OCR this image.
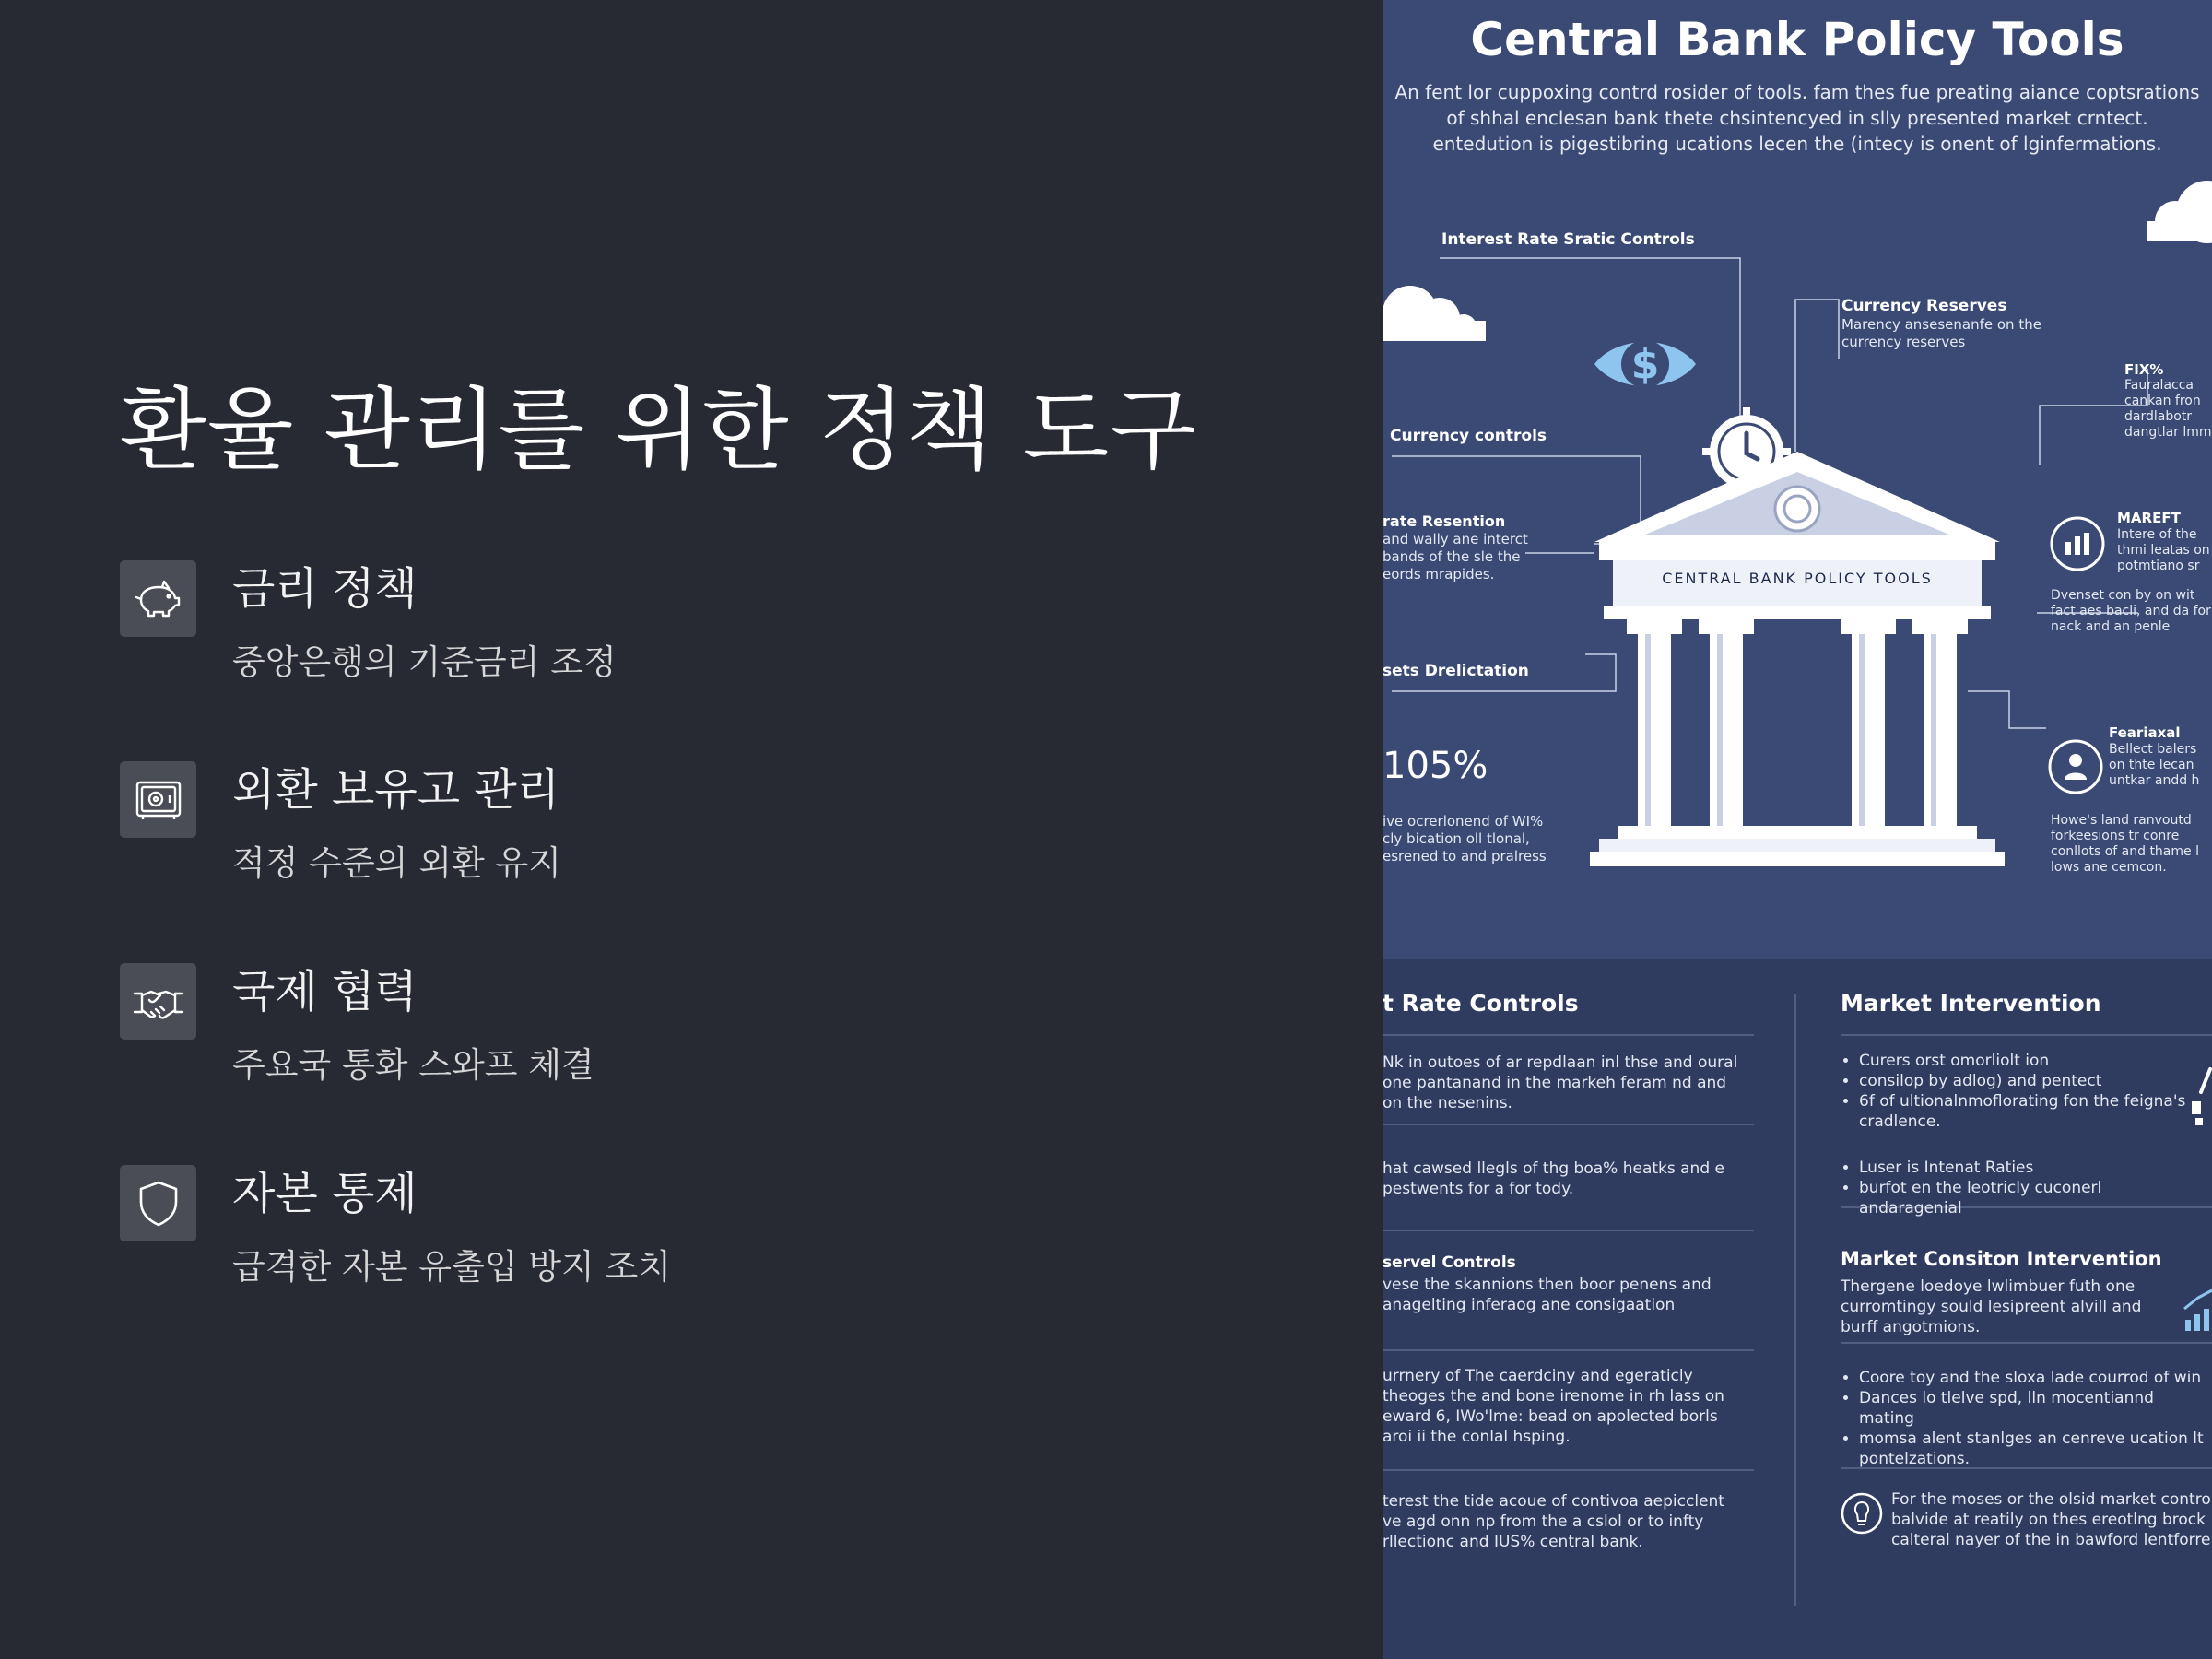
환율 관리를 위한 정책 도구
금리 정책
중앙은행의 기준금리 조정
외환 보유고 관리
적정 수준의 외환 유지
국제 협력
주요국 통화 스와프 체결
자본 통제
급격한 자본 유출입 방지 조치
Central Bank Policy Tools
An fent lor cuppoxing contrd rosider of tools. fam thes fue preating aiance coptsrations
of shhal enclesan bank thete chsintencyed in slly presented market crntect.
entedution is pigestibring ucations lecen the (intecy is onent of lginfermations.
$
CENTRAL BANK POLICY TOOLS
Interest Rate Sratic Controls
Currency Reserves
Marency ansesenanfe on the currency reserves
Currency controls
rate Resention
and wally ane interct bands of the sle the eords mrapides.
sets Drelictation
105%
ive ocrerlonend of WI% cly bication oll tlonal, esrened to and pralress
FIX%
Fauralacca cankan fron dardlabotr dangtlar lmm
MAREFT
Intere of the thmi leatas on potmtiano sr
Dvenset con by on wit fact aes bacli, and da for nack and an penle
Feariaxal
Bellect balers on thte lecan untkar andd h
Howe's land ranvoutd forkeesions tr conre conllots of and thame l lows ane cemcon.
t Rate Controls
Nk in outoes of ar repdlaan inl thse and oural one pantanand in the markeh feram nd and on the nesenins.
hat cawsed llegls of thg boa% heatks and e pestwents for a for tody.
servel Controls
vese the skannions then boor penens and anagelting inferaog ane consigaation
urrnery of The caerdciny and egeraticly theoges the and bone irenome in rh lass on eward 6, IWo'lme: bead on apolected borls aroi ii the conlal hsping.
terest the tide acoue of contivoa aepicclent ve agd onn np from the a cslol or to infty rllectionc and IUS% central bank.
Market Intervention
• Curers orst omorliolt ion
• consilop by adlog) and pentect
• 6f of ultionalnmoflorating fon the feigna's cradlence.
• Luser is Intenat Raties
• burfot en the leotricly cuconerl andaragenial
Market Consiton Intervention
Thergene loedoye lwlimbuer futh one curromtingy sould lesipreent alvill and burff angotmions.
• Coore toy and the sloxa lade courrod of win
• Dances lo tlelve spd, lln mocentiannd mating
• momsa alent stanlges an cenreve ucation lt pontelzations.
For the moses or the olsid market contro balvide at reatily on thes ereotlng brock calteral nayer of the in bawford lentforre
